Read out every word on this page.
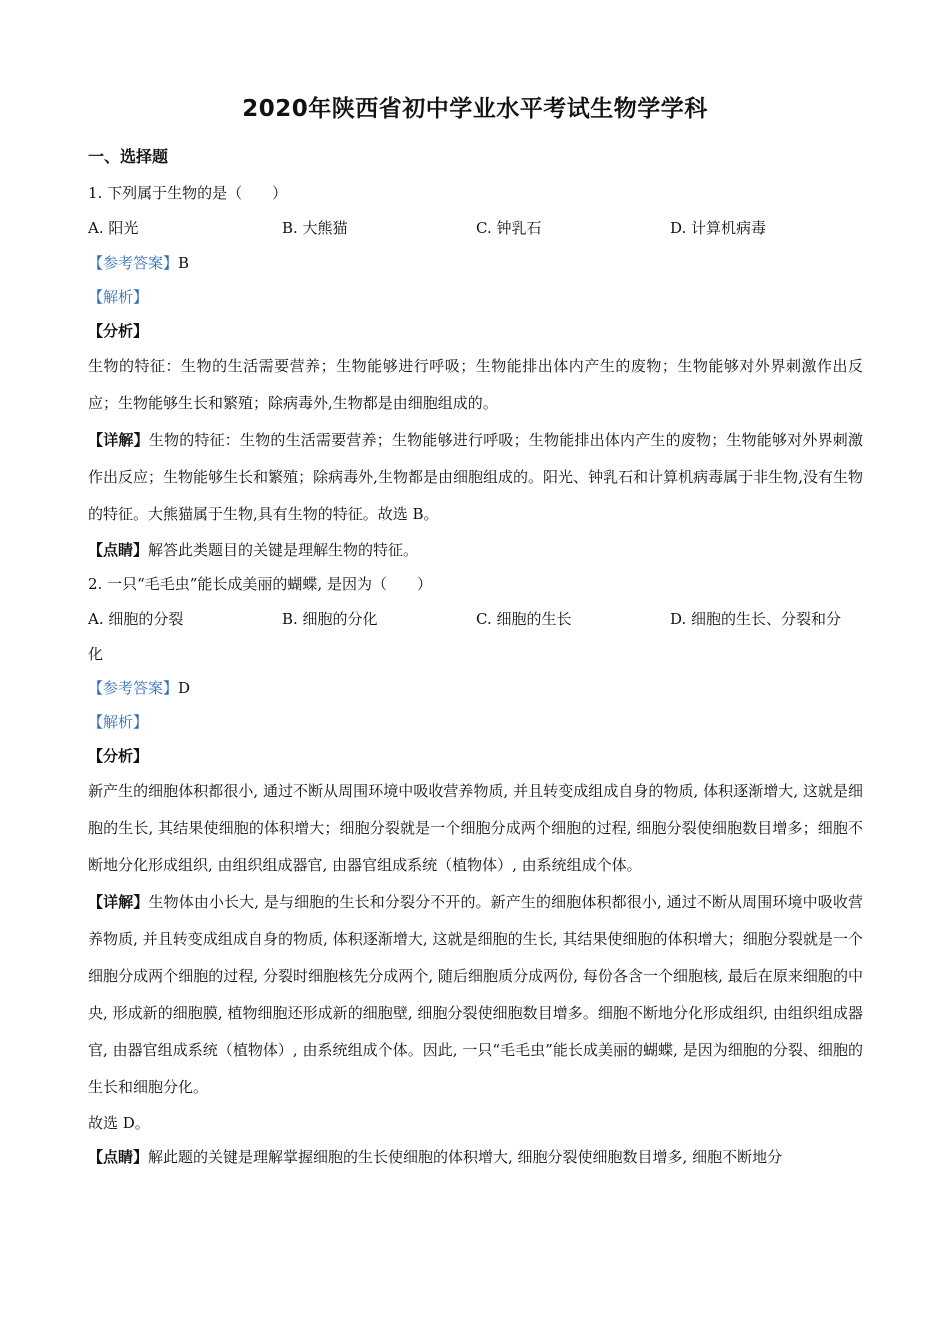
2020年陕西省初中学业水平考试生物学学科
一、选择题
1. 下列属于生物的是（　　）
A. 阳光	B. 大熊猫	C. 钟乳石	D. 计算机病毒
【参考答案】B
【解析】
【分析】
生物的特征：生物的生活需要营养；生物能够进行呼吸；生物能排出体内产生的废物；生物能够对外界刺激作出反应；生物能够生长和繁殖；除病毒外,生物都是由细胞组成的。
【详解】生物的特征：生物的生活需要营养；生物能够进行呼吸；生物能排出体内产生的废物；生物能够对外界刺激作出反应；生物能够生长和繁殖；除病毒外,生物都是由细胞组成的。阳光、钟乳石和计算机病毒属于非生物,没有生物的特征。大熊猫属于生物,具有生物的特征。故选 B。
【点睛】解答此类题目的关键是理解生物的特征。
2. 一只“毛毛虫”能长成美丽的蝴蝶, 是因为（　　）
A. 细胞的分裂	B. 细胞的分化	C. 细胞的生长	D. 细胞的生长、分裂和分
化
【参考答案】D
【解析】
【分析】
新产生的细胞体积都很小, 通过不断从周围环境中吸收营养物质, 并且转变成组成自身的物质, 体积逐渐增大, 这就是细胞的生长, 其结果使细胞的体积增大；细胞分裂就是一个细胞分成两个细胞的过程, 细胞分裂使细胞数目增多；细胞不断地分化形成组织, 由组织组成器官, 由器官组成系统（植物体）, 由系统组成个体。
【详解】生物体由小长大, 是与细胞的生长和分裂分不开的。新产生的细胞体积都很小, 通过不断从周围环境中吸收营养物质, 并且转变成组成自身的物质, 体积逐渐增大, 这就是细胞的生长, 其结果使细胞的体积增大；细胞分裂就是一个细胞分成两个细胞的过程, 分裂时细胞核先分成两个, 随后细胞质分成两份, 每份各含一个细胞核, 最后在原来细胞的中央, 形成新的细胞膜, 植物细胞还形成新的细胞壁, 细胞分裂使细胞数目增多。细胞不断地分化形成组织, 由组织组成器官, 由器官组成系统（植物体）, 由系统组成个体。因此, 一只“毛毛虫”能长成美丽的蝴蝶, 是因为细胞的分裂、细胞的生长和细胞分化。
故选 D。
【点睛】解此题的关键是理解掌握细胞的生长使细胞的体积增大, 细胞分裂使细胞数目增多, 细胞不断地分
